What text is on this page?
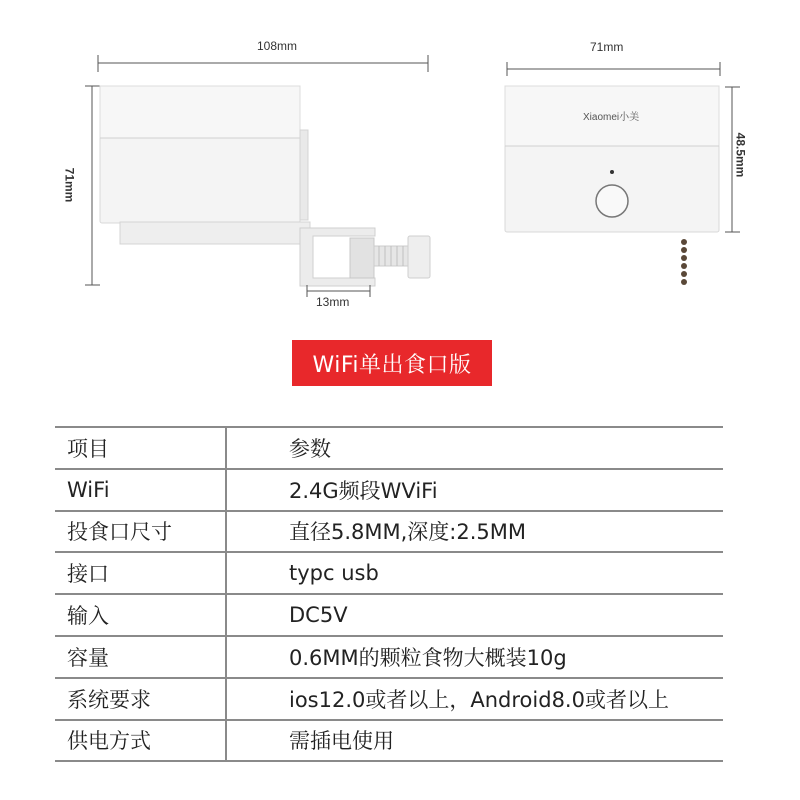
108mm
71mm
13mm
71mm
48.5mm
Xiaomei小美
WiFi单出食口版
项目	参数
WiFi	2.4G频段WViFi
投食口尺寸	直径5.8MM,深度:2.5MM
接口	typc usb
输入	DC5V
容量	0.6MM的颗粒食物大概装10g
系统要求	ios12.0或者以上，Android8.0或者以上
供电方式	需插电使用
